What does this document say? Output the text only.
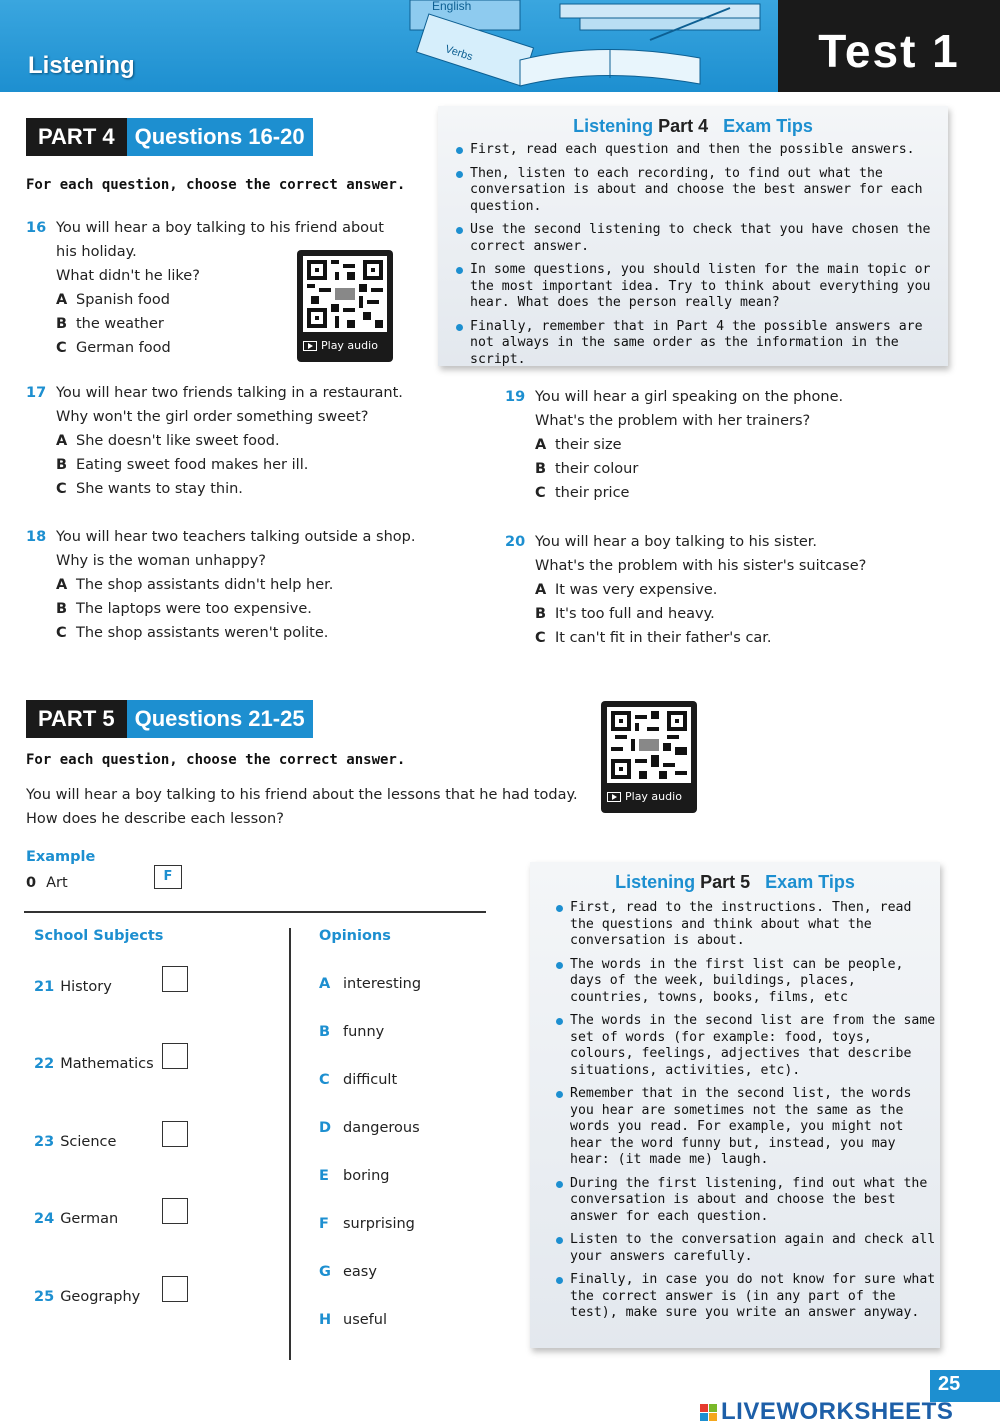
English
Verbs
Listening	Test 1
PART 4 Questions 16-20
For each question, choose the correct answer.
16 You will hear a boy talking to his friend about
his holiday.
What didn't he like?
A Spanish food
B the weather
C German food	Play audio
Listening Part 4 Exam Tips
First, read each question and then the possible answers.
Then, listen to each recording, to find out what the conversation is about and choose the best answer for each question.
Use the second listening to check that you have chosen the correct answer.
In some questions, you should listen for the main topic or the most important idea. Try to think about everything you hear. What does the person really mean?
Finally, remember that in Part 4 the possible answers are not always in the same order as the information in the script.
17 You will hear two friends talking in a restaurant.
Why won't the girl order something sweet?
A She doesn't like sweet food.
B Eating sweet food makes her ill.
C She wants to stay thin.
18 You will hear two teachers talking outside a shop.
Why is the woman unhappy?
A The shop assistants didn't help her.
B The laptops were too expensive.
C The shop assistants weren't polite.
19 You will hear a girl speaking on the phone.
What's the problem with her trainers?
A their size
B their colour
C their price
20 You will hear a boy talking to his sister.
What's the problem with his sister's suitcase?
A It was very expensive.
B It's too full and heavy.
C It can't fit in their father's car.
PART 5 Questions 21-25
For each question, choose the correct answer.
You will hear a boy talking to his friend about the lessons that he had today.
How does he describe each lesson?
Play audio
Example
0 Art	F
School Subjects	Opinions
21 History
22 Mathematics
23 Science
24 German
25 Geography
A interesting
B funny
C difficult
D dangerous
E boring
F surprising
G easy
H useful
Listening Part 5 Exam Tips
First, read to the instructions. Then, read the questions and think about what the conversation is about.
The words in the first list can be people, days of the week, buildings, places, countries, towns, books, films, etc
The words in the second list are from the same set of words (for example: food, toys, colours, feelings, adjectives that describe situations, activities, etc).
Remember that in the second list, the words you hear are sometimes not the same as the words you read. For example, you might not hear the word funny but, instead, you may hear: (it made me) laugh.
During the first listening, find out what the conversation is about and choose the best answer for each question.
Listen to the conversation again and check all your answers carefully.
Finally, in case you do not know for sure what the correct answer is (in any part of the test), make sure you write an answer anyway.
25
LIVEWORKSHEETS
